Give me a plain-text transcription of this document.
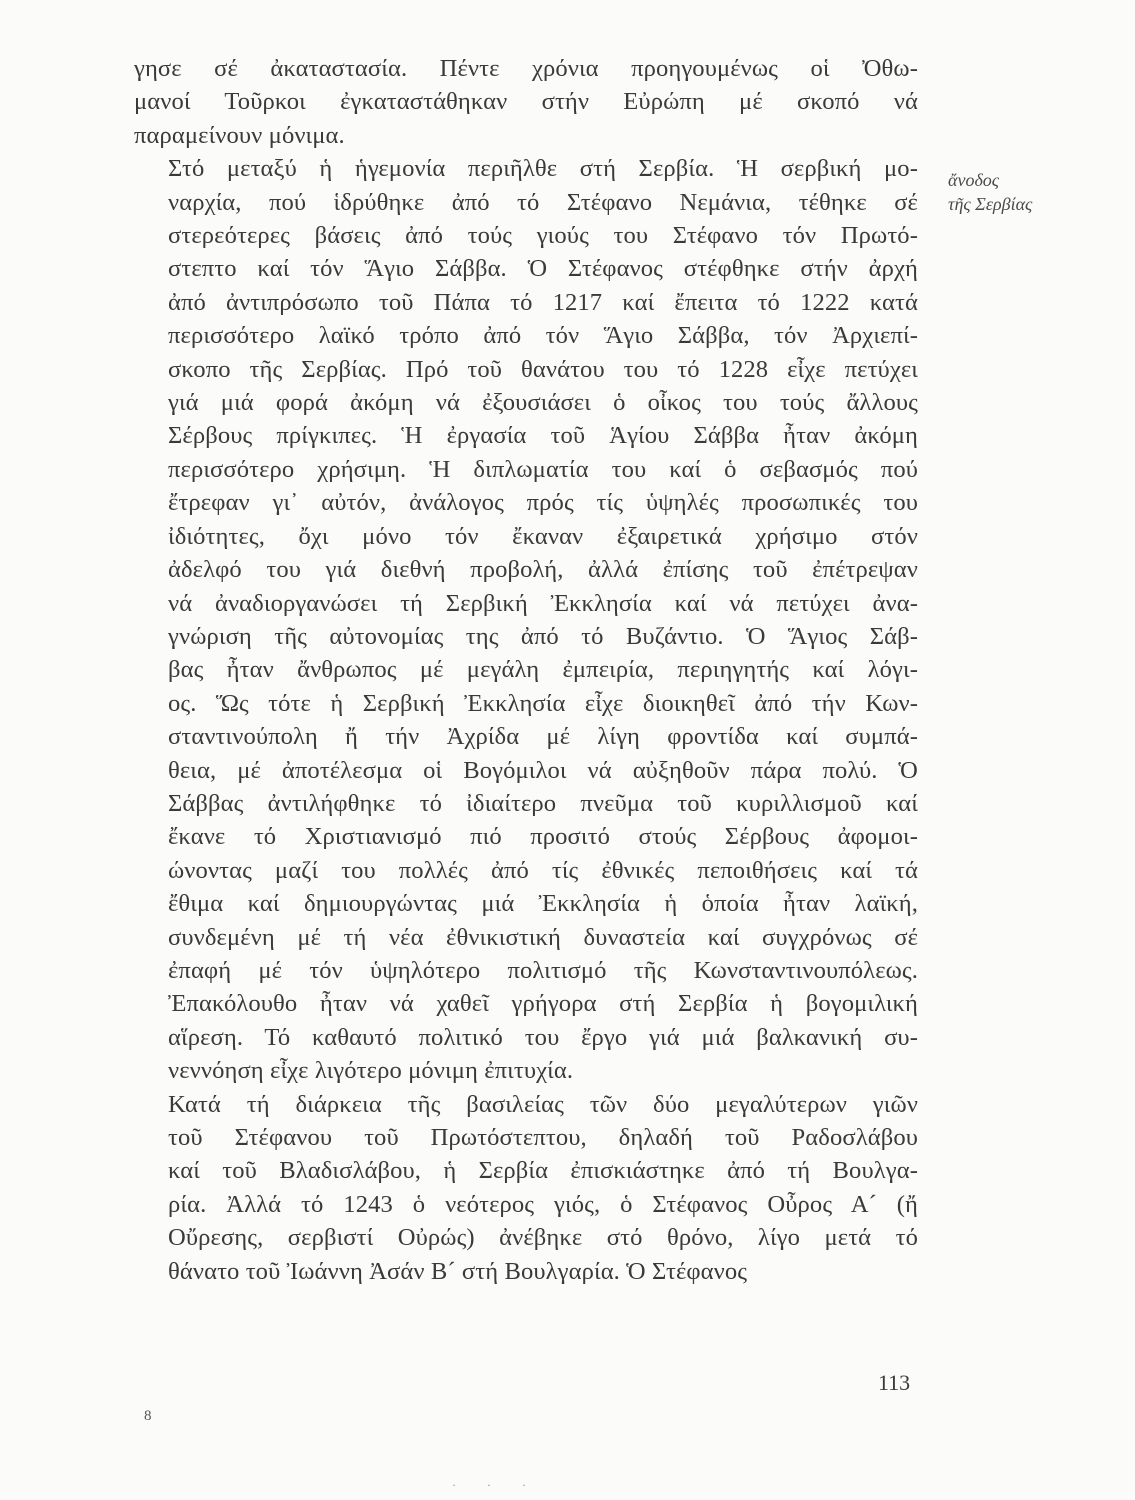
γησε σέ ἀκαταστασία. Πέντε χρόνια προηγουμένως οἱ Ὀθω-
μανοί Τοῦρκοι ἐγκαταστάθηκαν στήν Εὐρώπη μέ σκοπό νά
παραμείνουν μόνιμα.

Στό μεταξύ ἡ ἡγεμονία περιῆλθε στή Σερβία. Ἡ σερβική μο-
ναρχία, πού ἱδρύθηκε ἀπό τό Στέφανο Νεμάνια, τέθηκε σέ
στερεότερες βάσεις ἀπό τούς γιούς του Στέφανο τόν Πρωτό-
στεπτο καί τόν Ἅγιο Σάββα. Ὁ Στέφανος στέφθηκε στήν ἀρχή
ἀπό ἀντιπρόσωπο τοῦ Πάπα τό 1217 καί ἔπειτα τό 1222 κατά
περισσότερο λαϊκό τρόπο ἀπό τόν Ἅγιο Σάββα, τόν Ἀρχιεπί-
σκοπο τῆς Σερβίας. Πρό τοῦ θανάτου του τό 1228 εἶχε πετύχει
γιά μιά φορά ἀκόμη νά ἐξουσιάσει ὁ οἶκος του τούς ἄλλους
Σέρβους πρίγκιπες. Ἡ ἐργασία τοῦ Ἁγίου Σάββα ἦταν ἀκόμη
περισσότερο χρήσιμη. Ἡ διπλωματία του καί ὁ σεβασμός πού
ἔτρεφαν γι᾽ αὐτόν, ἀνάλογος πρός τίς ὑψηλές προσωπικές του
ἰδιότητες, ὄχι μόνο τόν ἔκαναν ἐξαιρετικά χρήσιμο στόν
ἀδελφό του γιά διεθνή προβολή, ἀλλά ἐπίσης τοῦ ἐπέτρεψαν
νά ἀναδιοργανώσει τή Σερβική Ἐκκλησία καί νά πετύχει ἀνα-
γνώριση τῆς αὐτονομίας της ἀπό τό Βυζάντιο. Ὁ Ἅγιος Σάβ-
βας ἦταν ἄνθρωπος μέ μεγάλη ἐμπειρία, περιηγητής καί λόγι-
ος. Ὥς τότε ἡ Σερβική Ἐκκλησία εἶχε διοικηθεῖ ἀπό τήν Κων-
σταντινούπολη ἤ τήν Ἀχρίδα μέ λίγη φροντίδα καί συμπά-
θεια, μέ ἀποτέλεσμα οἱ Βογόμιλοι νά αὐξηθοῦν πάρα πολύ. Ὁ
Σάββας ἀντιλήφθηκε τό ἰδιαίτερο πνεῦμα τοῦ κυριλλισμοῦ καί
ἔκανε τό Χριστιανισμό πιό προσιτό στούς Σέρβους ἀφομοι-
ώνοντας μαζί του πολλές ἀπό τίς ἐθνικές πεποιθήσεις καί τά
ἔθιμα καί δημιουργώντας μιά Ἐκκλησία ἡ ὁποία ἦταν λαϊκή,
συνδεμένη μέ τή νέα ἐθνικιστική δυναστεία καί συγχρόνως σέ
ἐπαφή μέ τόν ὑψηλότερο πολιτισμό τῆς Κωνσταντινουπόλεως.
Ἐπακόλουθο ἦταν νά χαθεῖ γρήγορα στή Σερβία ἡ βογομιλική
αἵρεση. Τό καθαυτό πολιτικό του ἔργο γιά μιά βαλκανική συ-
νεννόηση εἶχε λιγότερο μόνιμη ἐπιτυχία.

Κατά τή διάρκεια τῆς βασιλείας τῶν δύο μεγαλύτερων γιῶν
τοῦ Στέφανου τοῦ Πρωτόστεπτου, δηλαδή τοῦ Ραδοσλάβου
καί τοῦ Βλαδισλάβου, ἡ Σερβία ἐπισκιάστηκε ἀπό τή Βουλγα-
ρία. Ἀλλά τό 1243 ὁ νεότερος γιός, ὁ Στέφανος Οὖρος Α´ (ἤ
Οὔρεσης, σερβιστί Οὐρώς) ἀνέβηκε στό θρόνο, λίγο μετά τό
θάνατο τοῦ Ἰωάννη Ἀσάν Β´ στή Βουλγαρία. Ὁ Στέφανος

ἄνοδος
τῆς Σερβίας
113
8
· · ·
